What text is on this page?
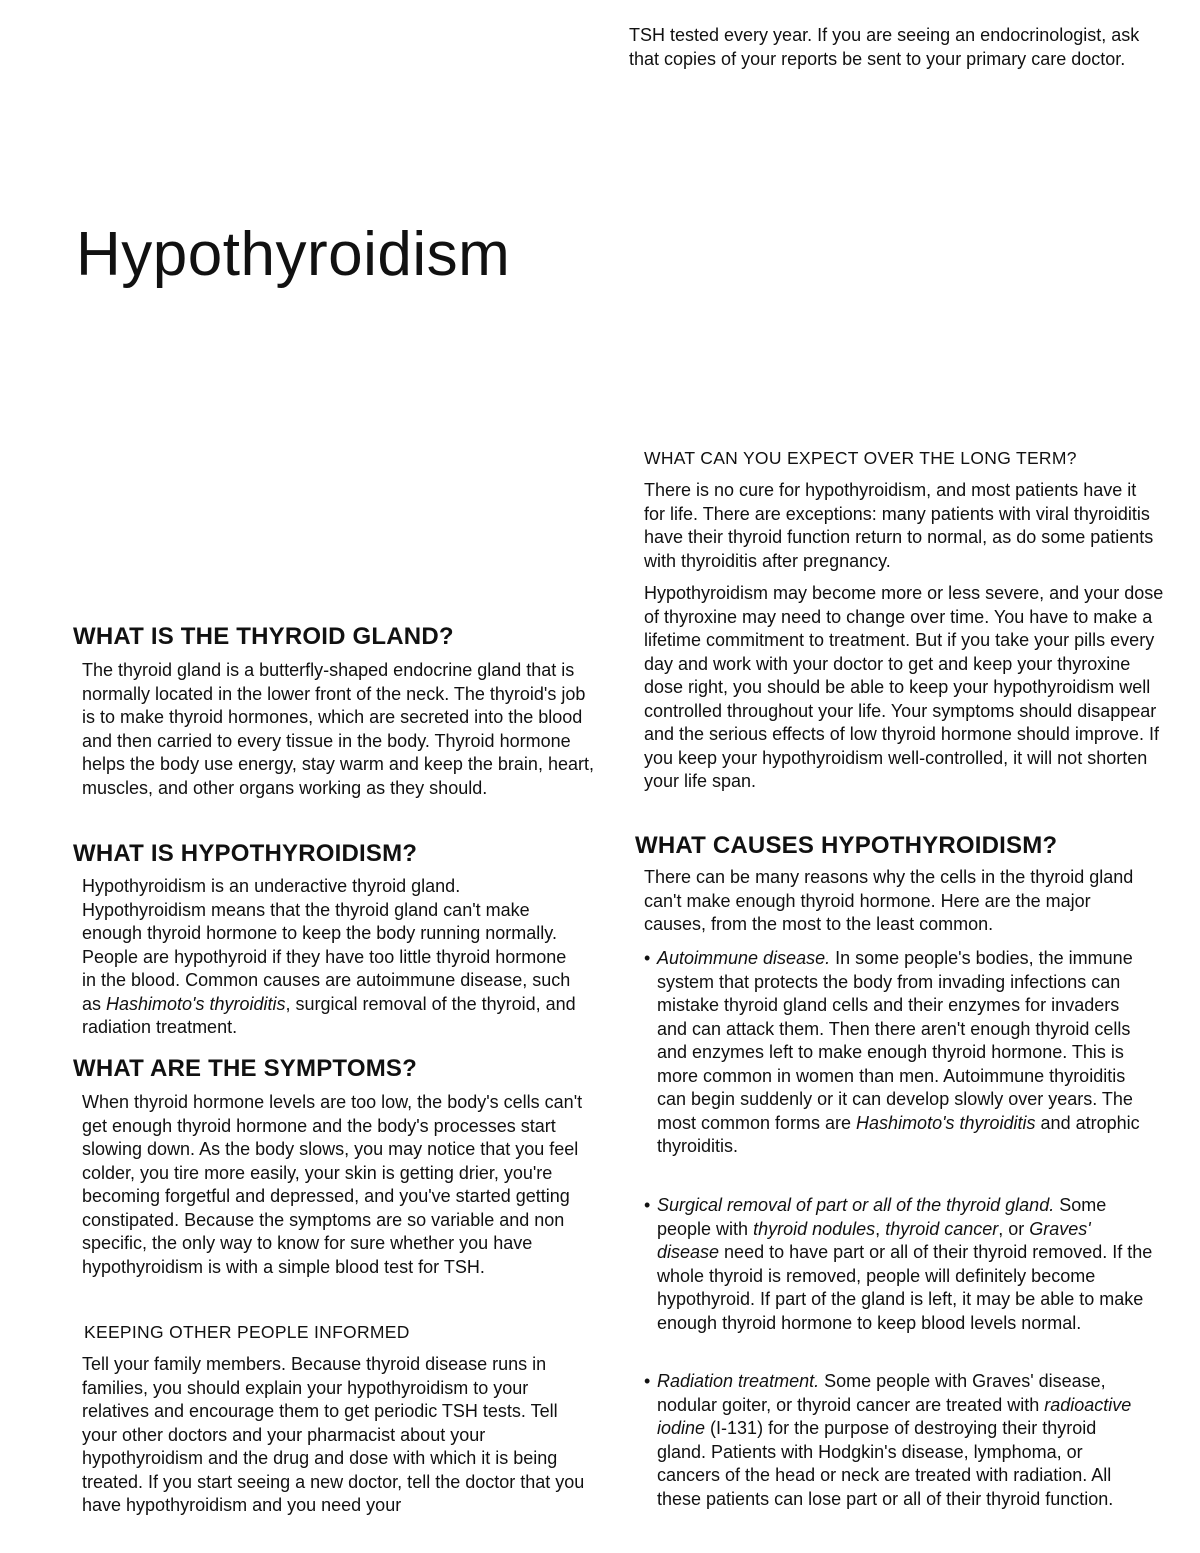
TSH tested every year. If you are seeing an endocrinologist, ask that copies of your reports be sent to your primary care doctor.

Hypothyroidism
WHAT IS THE THYROID GLAND?

The thyroid gland is a butterfly-shaped endocrine gland that is normally located in the lower front of the neck. The thyroid's job is to make thyroid hormones, which are secreted into the blood and then carried to every tissue in the body. Thyroid hormone helps the body use energy, stay warm and keep the brain, heart, muscles, and other organs working as they should.

WHAT IS HYPOTHYROIDISM?

Hypothyroidism is an underactive thyroid gland. Hypothyroidism means that the thyroid gland can't make enough thyroid hormone to keep the body running normally. People are hypothyroid if they have too little thyroid hormone in the blood. Common causes are autoimmune disease, such as Hashimoto's thyroiditis, surgical removal of the thyroid, and radiation treatment.

WHAT ARE THE SYMPTOMS?

When thyroid hormone levels are too low, the body's cells can't get enough thyroid hormone and the body's processes start slowing down. As the body slows, you may notice that you feel colder, you tire more easily, your skin is getting drier, you're becoming forgetful and depressed, and you've started getting constipated. Because the symptoms are so variable and non specific, the only way to know for sure whether you have hypothyroidism is with a simple blood test for TSH.

KEEPING OTHER PEOPLE INFORMED

Tell your family members. Because thyroid disease runs in families, you should explain your hypothyroidism to your relatives and encourage them to get periodic TSH tests. Tell your other doctors and your pharmacist about your hypothyroidism and the drug and dose with which it is being treated. If you start seeing a new doctor, tell the doctor that you have hypothyroidism and you need your

WHAT CAN YOU EXPECT OVER THE LONG TERM?

There is no cure for hypothyroidism, and most patients have it for life. There are exceptions: many patients with viral thyroiditis have their thyroid function return to normal, as do some patients with thyroiditis after pregnancy.

Hypothyroidism may become more or less severe, and your dose of thyroxine may need to change over time. You have to make a lifetime commitment to treatment. But if you take your pills every day and work with your doctor to get and keep your thyroxine dose right, you should be able to keep your hypothyroidism well controlled throughout your life. Your symptoms should disappear and the serious effects of low thyroid hormone should improve. If you keep your hypothyroidism well-controlled, it will not shorten your life span.

WHAT CAUSES HYPOTHYROIDISM?

There can be many reasons why the cells in the thyroid gland can't make enough thyroid hormone. Here are the major causes, from the most to the least common.

• Autoimmune disease. In some people's bodies, the immune system that protects the body from invading infections can mistake thyroid gland cells and their enzymes for invaders and can attack them. Then there aren't enough thyroid cells and enzymes left to make enough thyroid hormone. This is more common in women than men. Autoimmune thyroiditis can begin suddenly or it can develop slowly over years. The most common forms are Hashimoto's thyroiditis and atrophic thyroiditis.

• Surgical removal of part or all of the thyroid gland. Some people with thyroid nodules, thyroid cancer, or Graves' disease need to have part or all of their thyroid removed. If the whole thyroid is removed, people will definitely become hypothyroid. If part of the gland is left, it may be able to make enough thyroid hormone to keep blood levels normal.

• Radiation treatment. Some people with Graves' disease, nodular goiter, or thyroid cancer are treated with radioactive iodine (I-131) for the purpose of destroying their thyroid gland. Patients with Hodgkin's disease, lymphoma, or cancers of the head or neck are treated with radiation. All these patients can lose part or all of their thyroid function.
